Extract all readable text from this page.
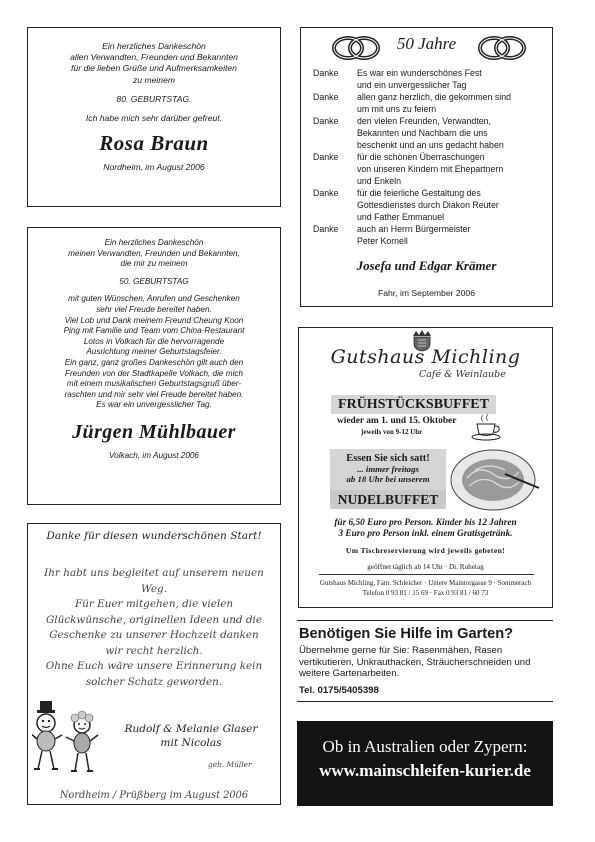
Ein herzliches Dankeschön
allen Verwandten, Freunden und Bekannten
für die lieben Grüße und Aufmerksamkeiten
zu meinem
80. GEBURTSTAG.
Ich habe mich sehr darüber gefreut.
Rosa Braun
Nordheim, im August 2006
Ein herzliches Dankeschön
meinen Verwandten, Freunden und Bekannten,
die mir zu meinem
50. GEBURTSTAG
mit guten Wünschen, Anrufen und Geschenken
sehr viel Freude bereitet haben.
Viel Lob und Dank meinem Freund Cheung Koon
Ping mit Familie und Team vom China-Restaurant
Lotos in Volkach für die hervorragende
Ausrichtung meiner Geburtstagsfeier.
Ein ganz, ganz großes Dankeschön gilt auch den
Freunden von der Stadtkapelle Volkach, die mich
mit einem musikalischen Geburtstagsgruß über-
raschten und mir sehr viel Freude bereitet haben.
Es war ein unvergesslicher Tag.
Jürgen Mühlbauer
Volkach, im August 2006
Danke für diesen wunderschönen Start!
Ihr habt uns begleitet auf unserem neuen
Weg.
Für Euer mitgehen, die vielen
Glückwünsche, originellen Ideen und die
Geschenke zu unserer Hochzeit danken
wir recht herzlich.
Ohne Euch wäre unsere Erinnerung kein
solcher Schatz geworden.
Rudolf & Melanie Glaser
mit Nicolas
geb. Müller
Nordheim / Prüßberg im August 2006
50 Jahre
Danke	Es war ein wunderschönes Fest
und ein unvergesslicher Tag

Danke	allen ganz herzlich, die gekommen sind
um mit uns zu feiern

Danke	den vielen Freunden, Verwandten,
Bekannten und Nachbarn die uns
beschenkt und an uns gedacht haben

Danke	für die schönen Überraschungen
von unseren Kindern mit Ehepartnern
und Enkeln

Danke	für die feierliche Gestaltung des
Gottesdienstes durch Diakon Reuter
und Father Emmanuel

Danke	auch an Herrn Bürgermeister
Peter Kornell
Josefa und Edgar Krämer
Fahr, im September 2006
Gutshaus Michling
Café & Weinlaube
FRÜHSTÜCKSBUFFET
wieder am 1. und 15. Oktober
jeweils von 9-12 Uhr
Essen Sie sich satt!
... immer freitags
ab 18 Uhr bei unserem
NUDELBUFFET
für 6,50 Euro pro Person. Kinder bis 12 Jahren
3 Euro pro Person inkl. einem Gratisgetränk.
Um Tischreservierung wird jeweils gebeten!
geöffnet täglich ab 14 Uhr · Di. Ruhetag
Gutshaus Michling, Fam. Schleicher · Untere Maintorgasse 9 · Sommerach
Telefon 0 93 81 / 15 69 · Fax 0 93 81 / 60 73
Benötigen Sie Hilfe im Garten?
Übernehme gerne für Sie: Rasenmähen, Rasen vertikutieren, Unkrauthacken, Sträucherschneiden und weitere Gartenarbeiten.
Tel. 0175/5405398
Ob in Australien oder Zypern:
www.mainschleifen-kurier.de
